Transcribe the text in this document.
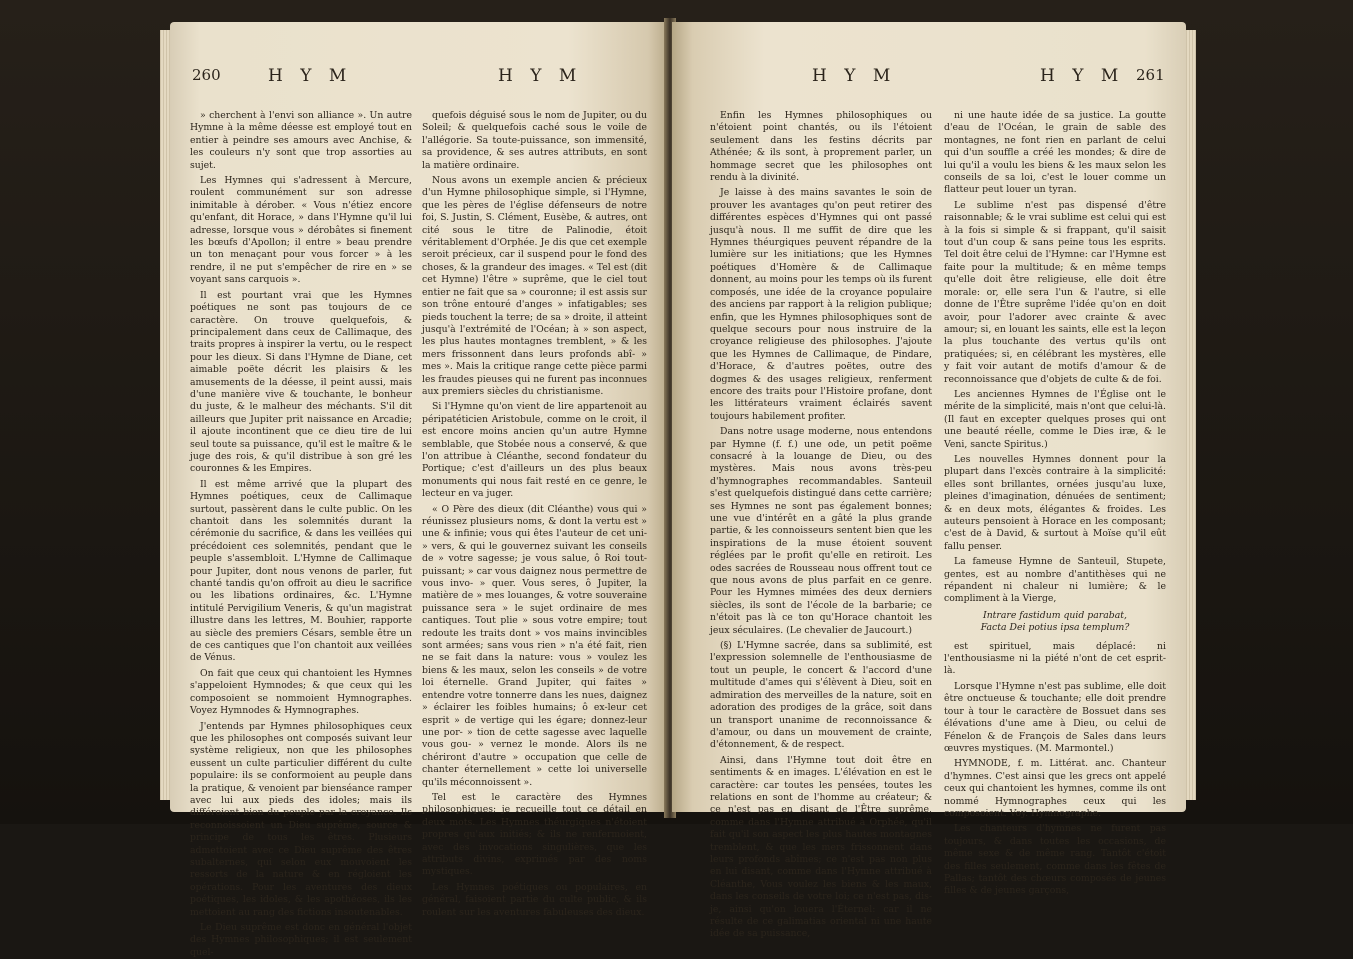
260	H Y M	H Y M

» cherchent à l'envi son alliance ». Un autre Hymne à la même déesse est employé tout en entier à peindre ses amours avec Anchise, & les couleurs n'y sont que trop assorties au sujet.

Les Hymnes qui s'adressent à Mercure, roulent communément sur son adresse inimitable à dérober. « Vous n'étiez encore qu'enfant, dit Horace, » dans l'Hymne qu'il lui adresse, lorsque vous » dérobâtes si finement les bœufs d'Apollon; il entre » beau prendre un ton menaçant pour vous forcer » à les rendre, il ne put s'empêcher de rire en » se voyant sans carquois ».

Il est pourtant vrai que les Hymnes poétiques ne sont pas toujours de ce caractère. On trouve quelquefois, & principalement dans ceux de Callimaque, des traits propres à inspirer la vertu, ou le respect pour les dieux. Si dans l'Hymne de Diane, cet aimable poëte décrit les plaisirs & les amusements de la déesse, il peint aussi, mais d'une manière vive & touchante, le bonheur du juste, & le malheur des méchants. S'il dit ailleurs que Jupiter prit naissance en Arcadie; il ajoute incontinent que ce dieu tire de lui seul toute sa puissance, qu'il est le maître & le juge des rois, & qu'il distribue à son gré les couronnes & les Empires.

Il est même arrivé que la plupart des Hymnes poétiques, ceux de Callimaque surtout, passèrent dans le culte public. On les chantoit dans les solemnités durant la cérémonie du sacrifice, & dans les veillées qui précédoient ces solemnités, pendant que le peuple s'assembloit. L'Hymne de Callimaque pour Jupiter, dont nous venons de parler, fut chanté tandis qu'on offroit au dieu le sacrifice ou les libations ordinaires, &c. L'Hymne intitulé Pervigilium Veneris, & qu'un magistrat illustre dans les lettres, M. Bouhier, rapporte au siècle des premiers Césars, semble être un de ces cantiques que l'on chantoit aux veillées de Vénus.

On fait que ceux qui chantoient les Hymnes s'appeloient Hymnodes; & que ceux qui les composoient se nommoient Hymnographes. Voyez Hymnodes & Hymnographes.

J'entends par Hymnes philosophiques ceux que les philosophes ont composés suivant leur système religieux, non que les philosophes eussent un culte particulier différent du culte populaire: ils se conformoient au peuple dans la pratique, & venoient par bienséance ramper avec lui aux pieds des idoles; mais ils différoient bien du peuple par la croyance. Ils reconnoissoient un Dieu suprême, source & principe de tous les êtres. Plusieurs admettoient avec ce Dieu suprême des êtres subalternes, qui selon eux mouvoient les ressorts de la nature & en régloient les opérations. Pour les aventures des dieux poétiques, les idoles, & les apothéoses, ils les mettoient au rang des fictions insoutenables.

Le Dieu suprême est donc en général l'objet des Hymnes philosophiques; il est seulement quel-

quefois déguisé sous le nom de Jupiter, ou du Soleil; & quelquefois caché sous le voile de l'allégorie. Sa toute-puissance, son immensité, sa providence, & ses autres attributs, en sont la matière ordinaire.

Nous avons un exemple ancien & précieux d'un Hymne philosophique simple, si l'Hymne, que les pères de l'église défenseurs de notre foi, S. Justin, S. Clément, Eusèbe, & autres, ont cité sous le titre de Palinodie, étoit véritablement d'Orphée. Je dis que cet exemple seroit précieux, car il suspend pour le fond des choses, & la grandeur des images. « Tel est (dit cet Hymne) l'être » suprême, que le ciel tout entier ne fait que sa » couronne; il est assis sur son trône entouré d'anges » infatigables; ses pieds touchent la terre; de sa » droite, il atteint jusqu'à l'extrémité de l'Océan; à » son aspect, les plus hautes montagnes tremblent, » & les mers frissonnent dans leurs profonds abî- » mes ». Mais la critique range cette pièce parmi les fraudes pieuses qui ne furent pas inconnues aux premiers siècles du christianisme.

Si l'Hymne qu'on vient de lire appartenoit au péripatéticien Aristobule, comme on le croit, il est encore moins ancien qu'un autre Hymne semblable, que Stobée nous a conservé, & que l'on attribue à Cléanthe, second fondateur du Portique; c'est d'ailleurs un des plus beaux monuments qui nous fait resté en ce genre, le lecteur en va juger.

« O Père des dieux (dit Cléanthe) vous qui » réunissez plusieurs noms, & dont la vertu est » une & infinie; vous qui êtes l'auteur de cet uni- » vers, & qui le gouvernez suivant les conseils de » votre sagesse; je vous salue, ô Roi tout-puissant; » car vous daignez nous permettre de vous invo- » quer. Vous seres, ô Jupiter, la matière de » mes louanges, & votre souveraine puissance sera » le sujet ordinaire de mes cantiques. Tout plie » sous votre empire; tout redoute les traits dont » vos mains invincibles sont armées; sans vous rien » n'a été fait, rien ne se fait dans la nature: vous » voulez les biens & les maux, selon les conseils » de votre loi éternelle. Grand Jupiter, qui faites » entendre votre tonnerre dans les nues, daignez » éclairer les foibles humains; ô ex-leur cet esprit » de vertige qui les égare; donnez-leur une por- » tion de cette sagesse avec laquelle vous gou- » vernez le monde. Alors ils ne chériront d'autre » occupation que celle de chanter éternellement » cette loi universelle qu'ils méconnoissent ».

Tel est le caractère des Hymnes philosophiques; je recueille tout ce détail en deux mots. Les Hymnes théurgiques n'étoient propres qu'aux initiés; & ils ne renfermoient, avec des invocations singulières, que les attributs divins, exprimés par des noms mystiques.

Les Hymnes poétiques ou populaires, en général, faisoient partie du culte public, & ils roulent sur les aventures fabuleuses des dieux.

H Y M	H Y M 261

Enfin les Hymnes philosophiques ou n'étoient point chantés, ou ils l'étoient seulement dans les festins décrits par Athénée; & ils sont, à proprement parler, un hommage secret que les philosophes ont rendu à la divinité.

Je laisse à des mains savantes le soin de prouver les avantages qu'on peut retirer des différentes espèces d'Hymnes qui ont passé jusqu'à nous. Il me suffit de dire que les Hymnes théurgiques peuvent répandre de la lumière sur les initiations; que les Hymnes poétiques d'Homère & de Callimaque donnent, au moins pour les temps où ils furent composés, une idée de la croyance populaire des anciens par rapport à la religion publique; enfin, que les Hymnes philosophiques sont de quelque secours pour nous instruire de la croyance religieuse des philosophes. J'ajoute que les Hymnes de Callimaque, de Pindare, d'Horace, & d'autres poëtes, outre des dogmes & des usages religieux, renferment encore des traits pour l'Histoire profane, dont les littérateurs vraiment éclairés savent toujours habilement profiter.

Dans notre usage moderne, nous entendons par Hymne (f. f.) une ode, un petit poëme consacré à la louange de Dieu, ou des mystères. Mais nous avons très-peu d'hymnographes recommandables. Santeuil s'est quelquefois distingué dans cette carrière; ses Hymnes ne sont pas également bonnes; une vue d'intérêt en a gâté la plus grande partie, & les connoisseurs sentent bien que les inspirations de la muse étoient souvent réglées par le profit qu'elle en retiroit. Les odes sacrées de Rousseau nous offrent tout ce que nous avons de plus parfait en ce genre. Pour les Hymnes mimées des deux derniers siècles, ils sont de l'école de la barbarie; ce n'étoit pas là ce ton qu'Horace chantoit les jeux séculaires. (Le chevalier de Jaucourt.)

(§) L'Hymne sacrée, dans sa sublimité, est l'expression solemnelle de l'enthousiasme de tout un peuple, le concert & l'accord d'une multitude d'ames qui s'élèvent à Dieu, soit en admiration des merveilles de la nature, soit en adoration des prodiges de la grâce, soit dans un transport unanime de reconnoissance & d'amour, ou dans un mouvement de crainte, d'étonnement, & de respect.

Ainsi, dans l'Hymne tout doit être en sentiments & en images. L'élévation en est le caractère: car toutes les pensées, toutes les relations en sont de l'homme au créateur; & ce n'est pas en disant de l'Être suprême, comme dans l'Hymne attribué à Orphée, qu'il fait qu'il son aspect les plus hautes montagnes tremblent, & que les mers frissonnent dans leurs profonds abîmes; ce n'est pas non plus en lui disant, comme dans l'Hymne attribué à Cléanthe, Vous voulez les biens & les maux, dans les conseils de votre loi; ce n'est pas, dis-je, ainsi qu'on louera l'Éternel: car il ne résulte de ce galimatias oriental ni une haute idée de sa puissance,

ni une haute idée de sa justice. La goutte d'eau de l'Océan, le grain de sable des montagnes, ne font rien en parlant de celui qui d'un souffle a créé les mondes; & dire de lui qu'il a voulu les biens & les maux selon les conseils de sa loi, c'est le louer comme un flatteur peut louer un tyran.

Le sublime n'est pas dispensé d'être raisonnable; & le vrai sublime est celui qui est à la fois si simple & si frappant, qu'il saisit tout d'un coup & sans peine tous les esprits. Tel doit être celui de l'Hymne: car l'Hymne est faite pour la multitude; & en même temps qu'elle doit être religieuse, elle doit être morale: or, elle sera l'un & l'autre, si elle donne de l'Être suprême l'idée qu'on en doit avoir, pour l'adorer avec crainte & avec amour; si, en louant les saints, elle est la leçon la plus touchante des vertus qu'ils ont pratiquées; si, en célébrant les mystères, elle y fait voir autant de motifs d'amour & de reconnoissance que d'objets de culte & de foi.

Les anciennes Hymnes de l'Église ont le mérite de la simplicité, mais n'ont que celui-là. (Il faut en excepter quelques proses qui ont une beauté réelle, comme le Dies iræ, & le Veni, sancte Spiritus.)

Les nouvelles Hymnes donnent pour la plupart dans l'excès contraire à la simplicité: elles sont brillantes, ornées jusqu'au luxe, pleines d'imagination, dénuées de sentiment; & en deux mots, élégantes & froides. Les auteurs pensoient à Horace en les composant; c'est de à David, & surtout à Moïse qu'il eût fallu penser.

La fameuse Hymne de Santeuil, Stupete, gentes, est au nombre d'antithèses qui ne répandent ni chaleur ni lumière; & le compliment à la Vierge,

Intrare fastidum quid parabat,
Facta Dei potius ipsa templum?

est spirituel, mais déplacé: ni l'enthousiasme ni la piété n'ont de cet esprit-là.

Lorsque l'Hymne n'est pas sublime, elle doit être onctueuse & touchante; elle doit prendre tour à tour le caractère de Bossuet dans ses élévations d'une ame à Dieu, ou celui de Fénelon & de François de Sales dans leurs œuvres mystiques. (M. Marmontel.)

HYMNODE, f. m. Littérat. anc. Chanteur d'hymnes. C'est ainsi que les grecs ont appelé ceux qui chantoient les hymnes, comme ils ont nommé Hymnographes ceux qui les composoient. Voy. Hymnographe.

Les chanteurs d'hymnes ne furent pas toujours, & dans toutes les occasions, de même sexe & de même rang. Tantôt c'étoit des filles seulement, comme dans les fêtes de Pallas; tantôt des chœurs composés de jeunes filles & de jeunes garçons,
